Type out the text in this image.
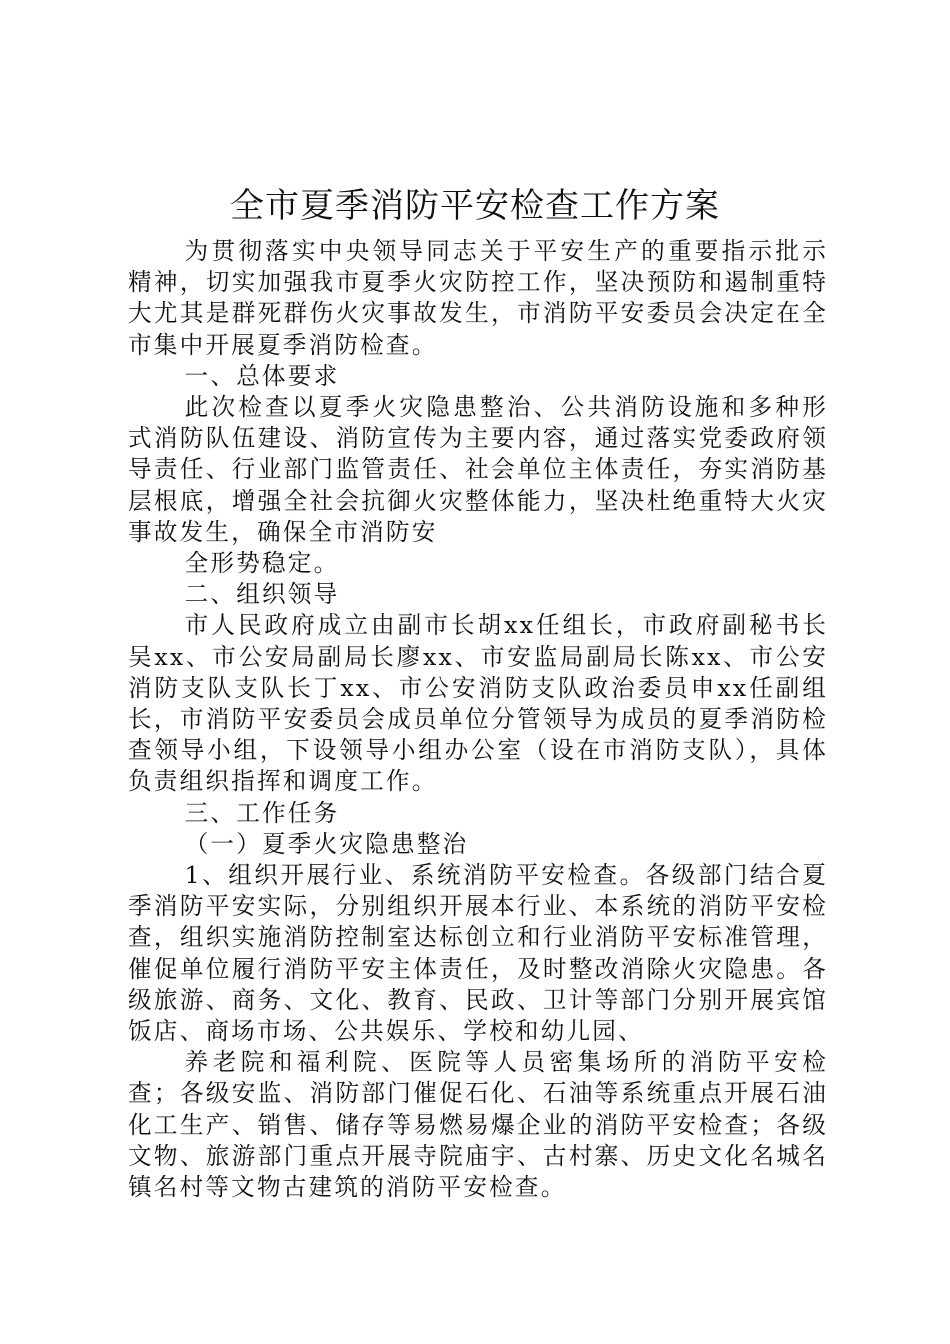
全市夏季消防平安检查工作方案

为贯彻落实中央领导同志关于平安生产的重要指示批示精神，切实加强我市夏季火灾防控工作，坚决预防和遏制重特大尤其是群死群伤火灾事故发生，市消防平安委员会决定在全市集中开展夏季消防检查。

一、总体要求

此次检查以夏季火灾隐患整治、公共消防设施和多种形式消防队伍建设、消防宣传为主要内容，通过落实党委政府领导责任、行业部门监管责任、社会单位主体责任，夯实消防基层根底，增强全社会抗御火灾整体能力，坚决杜绝重特大火灾事故发生，确保全市消防安

全形势稳定。

二、组织领导

市人民政府成立由副市长胡xx任组长，市政府副秘书长吴xx、市公安局副局长廖xx、市安监局副局长陈xx、市公安消防支队支队长丁xx、市公安消防支队政治委员申xx任副组长，市消防平安委员会成员单位分管领导为成员的夏季消防检查领导小组，下设领导小组办公室（设在市消防支队），具体负责组织指挥和调度工作。

三、工作任务

（一）夏季火灾隐患整治

1、组织开展行业、系统消防平安检查。各级部门结合夏季消防平安实际，分别组织开展本行业、本系统的消防平安检查，组织实施消防控制室达标创立和行业消防平安标准管理，催促单位履行消防平安主体责任，及时整改消除火灾隐患。各级旅游、商务、文化、教育、民政、卫计等部门分别开展宾馆饭店、商场市场、公共娱乐、学校和幼儿园、

养老院和福利院、医院等人员密集场所的消防平安检查；各级安监、消防部门催促石化、石油等系统重点开展石油化工生产、销售、储存等易燃易爆企业的消防平安检查；各级文物、旅游部门重点开展寺院庙宇、古村寨、历史文化名城名镇名村等文物古建筑的消防平安检查。
